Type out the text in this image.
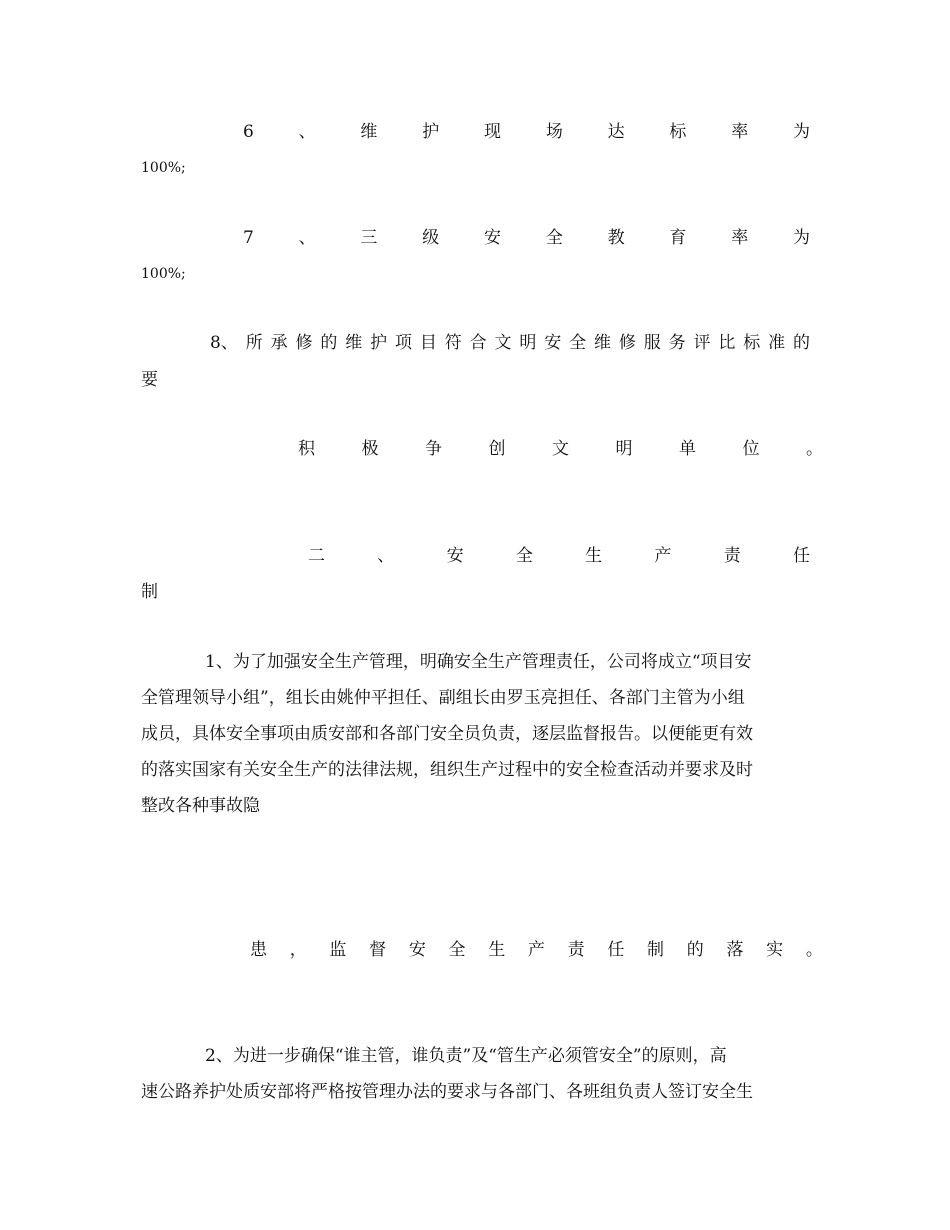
6	、	维	护	现	场	达	标	率	为
100%;
7	、	三	级	安	全	教	育	率	为
100%;
8、 所 承 修 的 维 护 项 目 符 合 文 明 安 全 维 修 服 务 评 比 标 准 的
要
积	极	争	创	文	明	单	位	。
二	、	安	全	生	产	责	任
制
1、为了加强安全生产管理，明确安全生产管理责任，公司将成立“项目安
全管理领导小组”，组长由姚仲平担任、副组长由罗玉亮担任、各部门主管为小组
成员，具体安全事项由质安部和各部门安全员负责，逐层监督报告。以便能更有效
的落实国家有关安全生产的法律法规，组织生产过程中的安全检查活动并要求及时
整改各种事故隐
患 ， 监 督 安 全 生 产 责 任 制 的 落 实 。
2、为进一步确保“谁主管，谁负责”及“管生产必须管安全”的原则，高
速公路养护处质安部将严格按管理办法的要求与各部门、各班组负责人签订安全生
